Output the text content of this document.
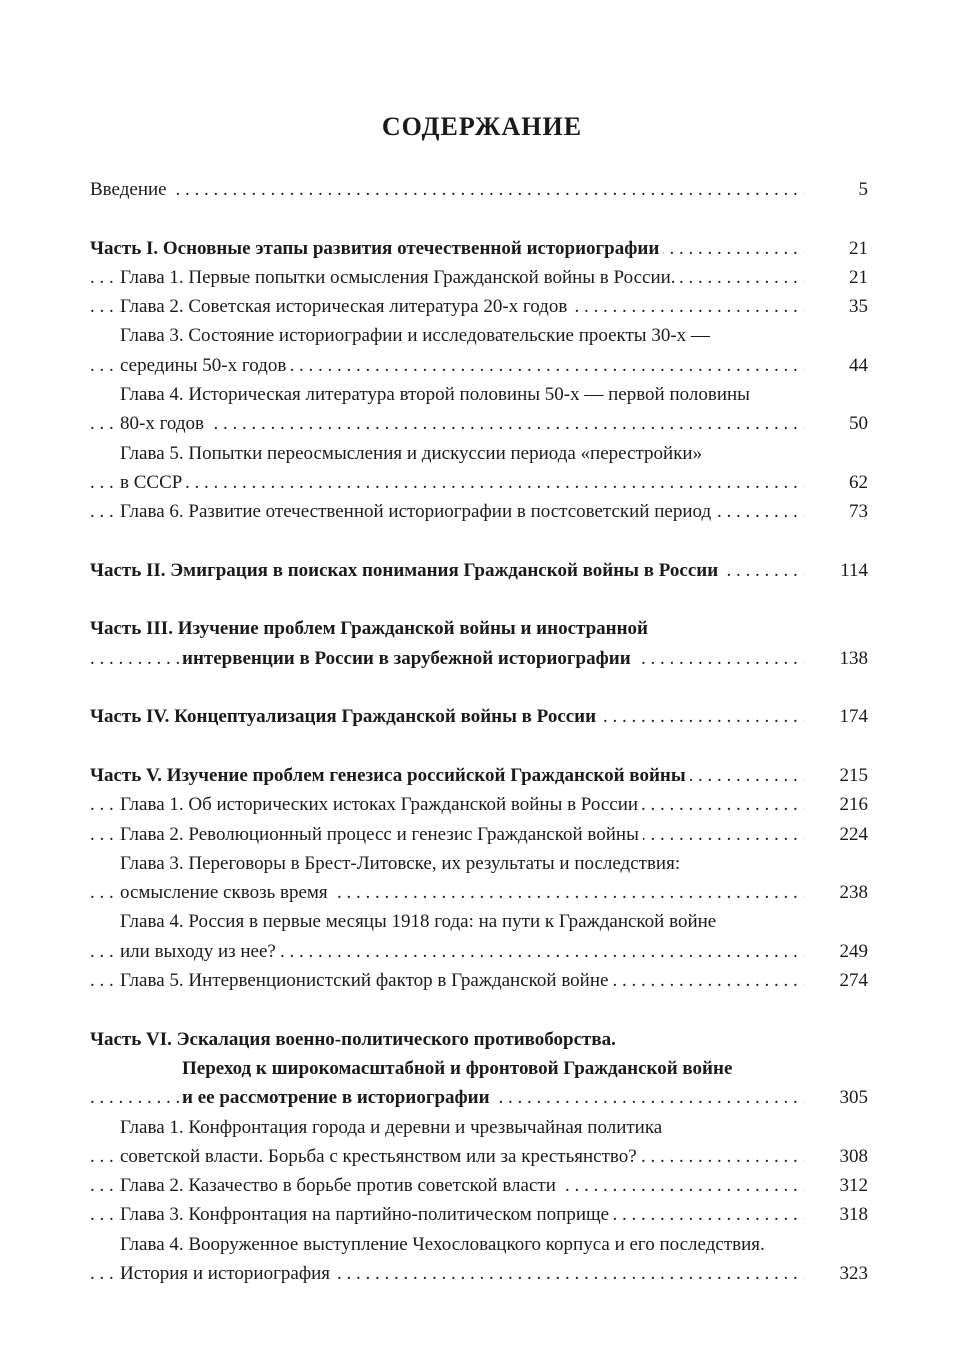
СОДЕРЖАНИЕ
Введение . . .	5
Часть I. Основные этапы развития отечественной историографии . . .	21
Глава 1. Первые попытки осмысления Гражданской войны в России. . . .	21
Глава 2. Советская историческая литература 20-х годов . . .	35
Глава 3. Состояние историографии и исследовательские проекты 30-х —
середины 50-х годов . . .	44
Глава 4. Историческая литература второй половины 50-х — первой половины
80-х годов . . .	50
Глава 5. Попытки переосмысления и дискуссии периода «перестройки»
в СССР . . .	62
Глава 6. Развитие отечественной историографии в постсоветский период . . .	73
Часть II. Эмиграция в поисках понимания Гражданской войны в России . . .	114
Часть III. Изучение проблем Гражданской войны и иностранной
интервенции в России в зарубежной историографии . . .	138
Часть IV. Концептуализация Гражданской войны в России . . .	174
Часть V. Изучение проблем генезиса российской Гражданской войны . . .	215
Глава 1. Об исторических истоках Гражданской войны в России . . .	216
Глава 2. Революционный процесс и генезис Гражданской войны . . .	224
Глава 3. Переговоры в Брест-Литовске, их результаты и последствия:
осмысление сквозь время . . .	238
Глава 4. Россия в первые месяцы 1918 года: на пути к Гражданской войне
или выходу из нее? . . .	249
Глава 5. Интервенционистский фактор в Гражданской войне . . .	274
Часть VI. Эскалация военно-политического противоборства.
Переход к широкомасштабной и фронтовой Гражданской войне
и ее рассмотрение в историографии . . .	305
Глава 1. Конфронтация города и деревни и чрезвычайная политика
советской власти. Борьба с крестьянством или за крестьянство? . . .	308
Глава 2. Казачество в борьбе против советской власти . . .	312
Глава 3. Конфронтация на партийно-политическом поприще . . .	318
Глава 4. Вооруженное выступление Чехословацкого корпуса и его последствия.
История и историография . . .	323
